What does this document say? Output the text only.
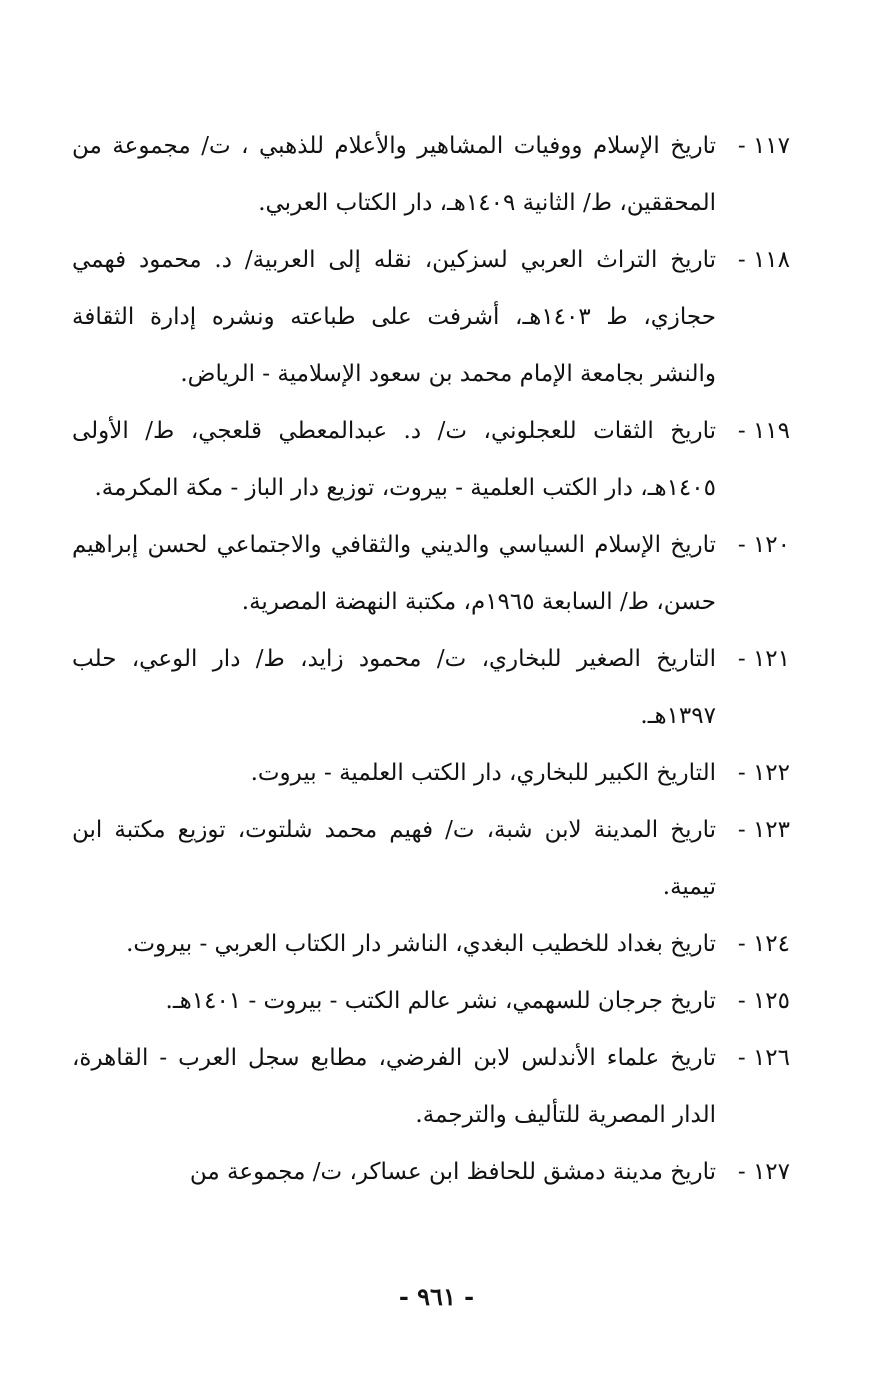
١١٧ -
تاريخ الإسلام ووفيات المشاهير والأعلام للذهبي ، ت/ مجموعة من المحققين، ط/ الثانية ١٤٠٩هـ، دار الكتاب العربي.
١١٨ -
تاريخ التراث العربي لسزكين، نقله إلى العربية/ د. محمود فهمي حجازي، ط ١٤٠٣هـ، أشرفت على طباعته ونشره إدارة الثقافة والنشر بجامعة الإمام محمد بن سعود الإسلامية - الرياض.
١١٩ -
تاريخ الثقات للعجلوني، ت/ د. عبدالمعطي قلعجي، ط/ الأولى ١٤٠٥هـ، دار الكتب العلمية - بيروت، توزيع دار الباز - مكة المكرمة.
١٢٠ -
تاريخ الإسلام السياسي والديني والثقافي والاجتماعي لحسن إبراهيم حسن، ط/ السابعة ١٩٦٥م، مكتبة النهضة المصرية.
١٢١ -
التاريخ الصغير للبخاري، ت/ محمود زايد، ط/ دار الوعي، حلب ١٣٩٧هـ.
١٢٢ -
التاريخ الكبير للبخاري، دار الكتب العلمية - بيروت.
١٢٣ -
تاريخ المدينة لابن شبة، ت/ فهيم محمد شلتوت، توزيع مكتبة ابن تيمية.
١٢٤ -
تاريخ بغداد للخطيب البغدي، الناشر دار الكتاب العربي - بيروت.
١٢٥ -
تاريخ جرجان للسهمي، نشر عالم الكتب - بيروت - ١٤٠١هـ.
١٢٦ -
تاريخ علماء الأندلس لابن الفرضي، مطابع سجل العرب - القاهرة، الدار المصرية للتأليف والترجمة.
١٢٧ -
تاريخ مدينة دمشق للحافظ ابن عساكر، ت/ مجموعة من
- ٩٦١ -
